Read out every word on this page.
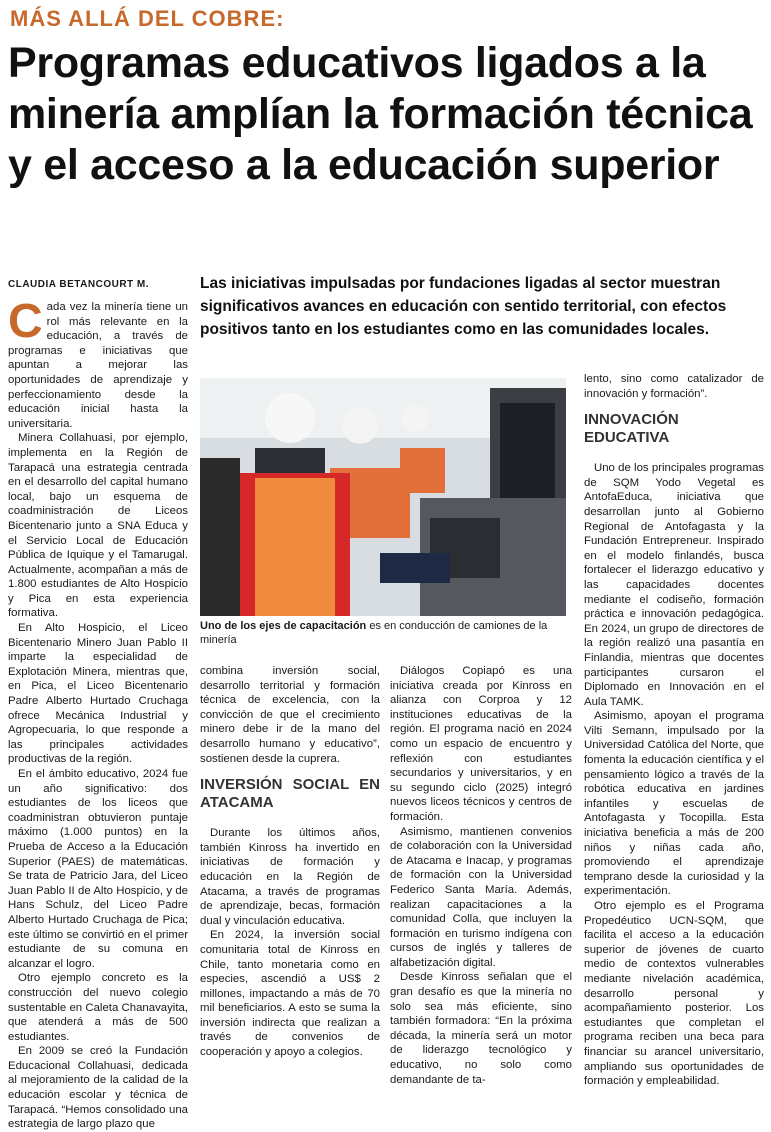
MÁS ALLÁ DEL COBRE:
Programas educativos ligados a la minería amplían la formación técnica y el acceso a la educación superior
CLAUDIA BETANCOURT M.	Las iniciativas impulsadas por fundaciones ligadas al sector muestran significativos avances en educación con sentido territorial, con efectos positivos tanto en los estudiantes como en las comunidades locales.

Cada vez la minería tiene un rol más relevante en la educación, a través de programas e iniciativas que apuntan a mejorar las oportunidades de aprendizaje y perfeccionamiento desde la educación inicial hasta la universitaria.

Minera Collahuasi, por ejemplo, implementa en la Región de Tarapacá una estrategia centrada en el desarrollo del capital humano local, bajo un esquema de coadministración de Liceos Bicentenario junto a SNA Educa y el Servicio Local de Educación Pública de Iquique y el Tamarugal. Actualmente, acompañan a más de 1.800 estudiantes de Alto Hospicio y Pica en esta experiencia formativa.

En Alto Hospicio, el Liceo Bicentenario Minero Juan Pablo II imparte la especialidad de Explotación Minera, mientras que, en Pica, el Liceo Bicentenario Padre Alberto Hurtado Cruchaga ofrece Mecánica Industrial y Agropecuaria, lo que responde a las principales actividades productivas de la región.

En el ámbito educativo, 2024 fue un año significativo: dos estudiantes de los liceos que coadministran obtuvieron puntaje máximo (1.000 puntos) en la Prueba de Acceso a la Educación Superior (PAES) de matemáticas. Se trata de Patricio Jara, del Liceo Juan Pablo II de Alto Hospicio, y de Hans Schulz, del Liceo Padre Alberto Hurtado Cruchaga de Pica; este último se convirtió en el primer estudiante de su comuna en alcanzar el logro.

Otro ejemplo concreto es la construcción del nuevo colegio sustentable en Caleta Chanavayita, que atenderá a más de 500 estudiantes.

En 2009 se creó la Fundación Educacional Collahuasi, dedicada al mejoramiento de la calidad de la educación escolar y técnica de Tarapacá. “Hemos consolidado una estrategia de largo plazo que

Uno de los ejes de capacitación es en conducción de camiones de la minería

combina inversión social, desarrollo territorial y formación técnica de excelencia, con la convicción de que el crecimiento minero debe ir de la mano del desarrollo humano y educativo”, sostienen desde la cuprera.

INVERSIÓN SOCIAL EN ATACAMA

Durante los últimos años, también Kinross ha invertido en iniciativas de formación y educación en la Región de Atacama, a través de programas de aprendizaje, becas, formación dual y vinculación educativa.

En 2024, la inversión social comunitaria total de Kinross en Chile, tanto monetaria como en especies, ascendió a US$ 2 millones, impactando a más de 70 mil beneficiarios. A esto se suma la inversión indirecta que realizan a través de convenios de cooperación y apoyo a colegios.

Diálogos Copiapó es una iniciativa creada por Kinross en alianza con Corproa y 12 instituciones educativas de la región. El programa nació en 2024 como un espacio de encuentro y reflexión con estudiantes secundarios y universitarios, y en su segundo ciclo (2025) integró nuevos liceos técnicos y centros de formación.

Asimismo, mantienen convenios de colaboración con la Universidad de Atacama e Inacap, y programas de formación con la Universidad Federico Santa María. Además, realizan capacitaciones a la comunidad Colla, que incluyen la formación en turismo indígena con cursos de inglés y talleres de alfabetización digital.

Desde Kinross señalan que el gran desafío es que la minería no solo sea más eficiente, sino también formadora: “En la próxima década, la minería será un motor de liderazgo tecnológico y educativo, no solo como demandante de ta-

lento, sino como catalizador de innovación y formación”.

INNOVACIÓN EDUCATIVA

Uno de los principales programas de SQM Yodo Vegetal es AntofaEduca, iniciativa que desarrollan junto al Gobierno Regional de Antofagasta y la Fundación Entrepreneur. Inspirado en el modelo finlandés, busca fortalecer el liderazgo educativo y las capacidades docentes mediante el codiseño, formación práctica e innovación pedagógica. En 2024, un grupo de directores de la región realizó una pasantía en Finlandia, mientras que docentes participantes cursaron el Diplomado en Innovación en el Aula TAMK.

Asimismo, apoyan el programa Vilti Semann, impulsado por la Universidad Católica del Norte, que fomenta la educación científica y el pensamiento lógico a través de la robótica educativa en jardines infantiles y escuelas de Antofagasta y Tocopilla. Esta iniciativa beneficia a más de 200 niños y niñas cada año, promoviendo el aprendizaje temprano desde la curiosidad y la experimentación.

Otro ejemplo es el Programa Propedéutico UCN-SQM, que facilita el acceso a la educación superior de jóvenes de cuarto medio de contextos vulnerables mediante nivelación académica, desarrollo personal y acompañamiento posterior. Los estudiantes que completan el programa reciben una beca para financiar su arancel universitario, ampliando sus oportunidades de formación y empleabilidad.
